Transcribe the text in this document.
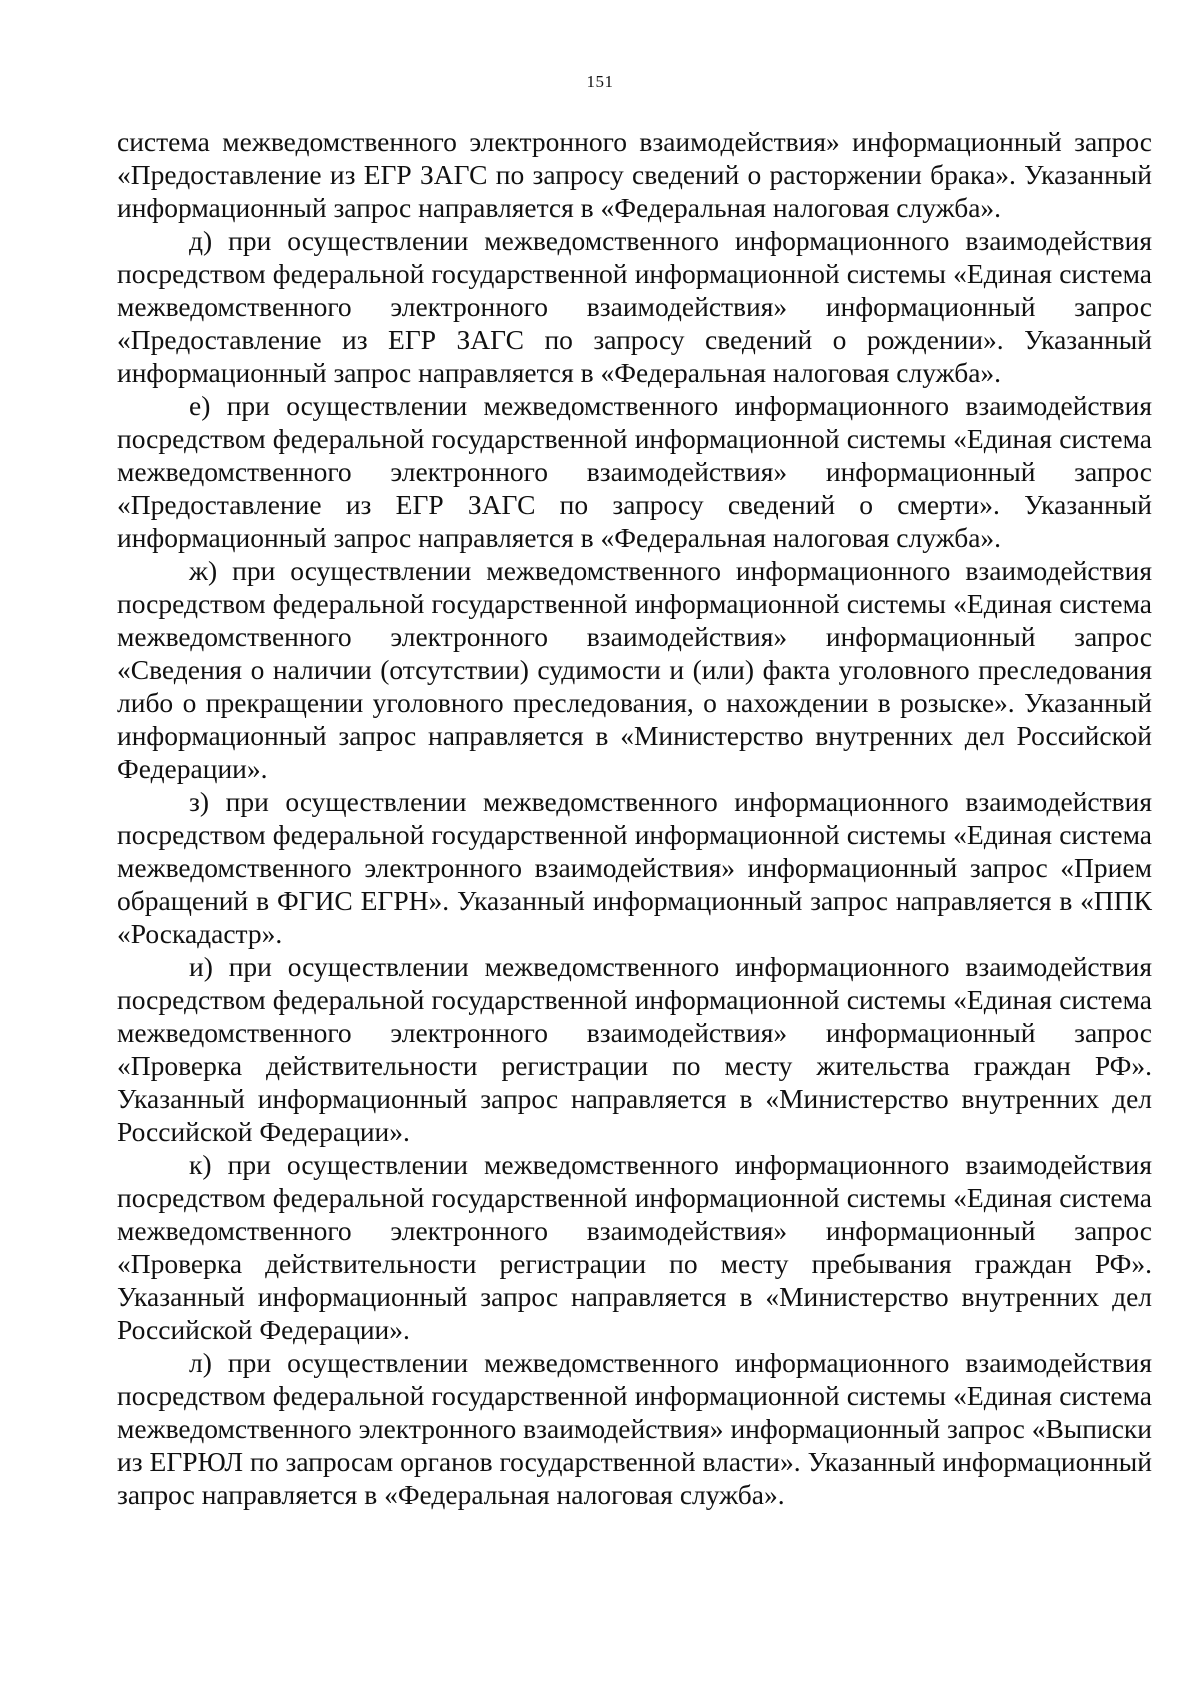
151

система межведомственного электронного взаимодействия» информационный запрос «Предоставление из ЕГР ЗАГС по запросу сведений о расторжении брака». Указанный информационный запрос направляется в «Федеральная налоговая служба».

д) при осуществлении межведомственного информационного взаимодействия посредством федеральной государственной информационной системы «Единая система межведомственного электронного взаимодействия» информационный запрос «Предоставление из ЕГР ЗАГС по запросу сведений о рождении». Указанный информационный запрос направляется в «Федеральная налоговая служба».

е) при осуществлении межведомственного информационного взаимодействия посредством федеральной государственной информационной системы «Единая система межведомственного электронного взаимодействия» информационный запрос «Предоставление из ЕГР ЗАГС по запросу сведений о смерти». Указанный информационный запрос направляется в «Федеральная налоговая служба».

ж) при осуществлении межведомственного информационного взаимодействия посредством федеральной государственной информационной системы «Единая система межведомственного электронного взаимодействия» информационный запрос «Сведения о наличии (отсутствии) судимости и (или) факта уголовного преследования либо о прекращении уголовного преследования, о нахождении в розыске». Указанный информационный запрос направляется в «Министерство внутренних дел Российской Федерации».

з) при осуществлении межведомственного информационного взаимодействия посредством федеральной государственной информационной системы «Единая система межведомственного электронного взаимодействия» информационный запрос «Прием обращений в ФГИС ЕГРН». Указанный информационный запрос направляется в «ППК «Роскадастр».

и) при осуществлении межведомственного информационного взаимодействия посредством федеральной государственной информационной системы «Единая система межведомственного электронного взаимодействия» информационный запрос «Проверка действительности регистрации по месту жительства граждан РФ». Указанный информационный запрос направляется в «Министерство внутренних дел Российской Федерации».

к) при осуществлении межведомственного информационного взаимодействия посредством федеральной государственной информационной системы «Единая система межведомственного электронного взаимодействия» информационный запрос «Проверка действительности регистрации по месту пребывания граждан РФ». Указанный информационный запрос направляется в «Министерство внутренних дел Российской Федерации».

л) при осуществлении межведомственного информационного взаимодействия посредством федеральной государственной информационной системы «Единая система межведомственного электронного взаимодействия» информационный запрос «Выписки из ЕГРЮЛ по запросам органов государственной власти». Указанный информационный запрос направляется в «Федеральная налоговая служба».
